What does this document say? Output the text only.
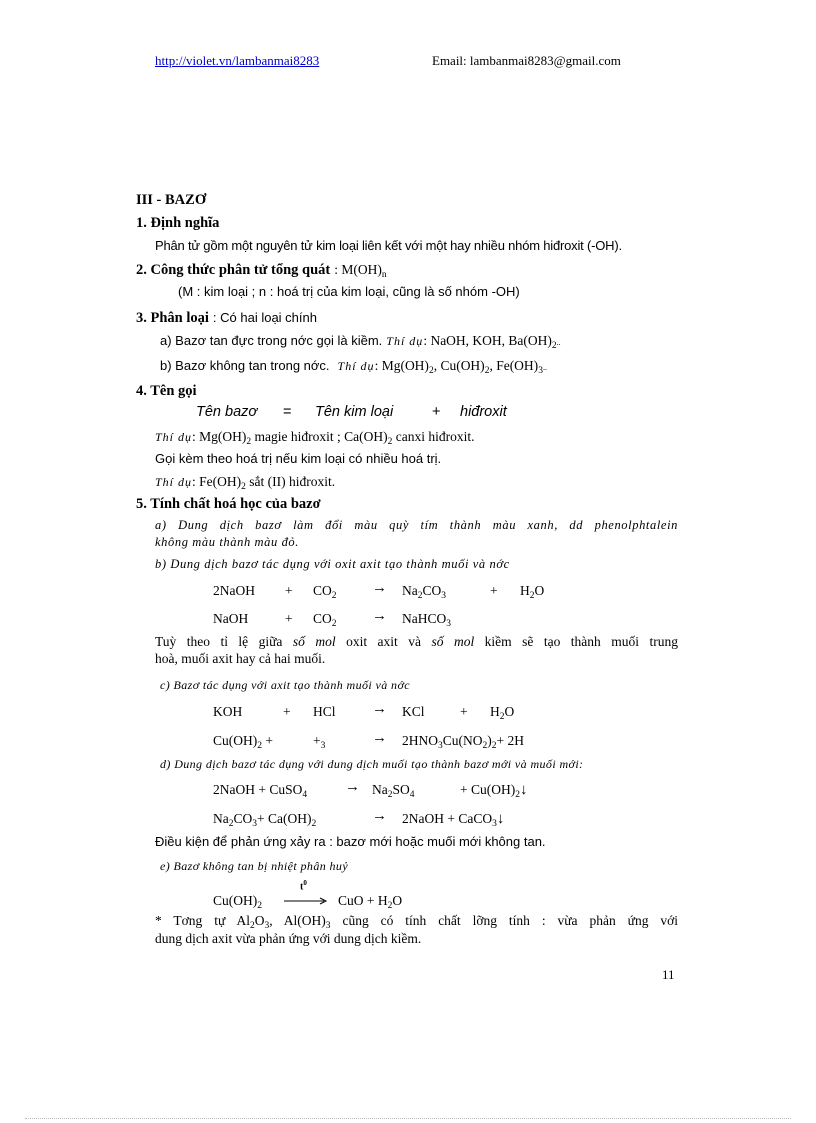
http://violet.vn/lambanmai8283	Email: lambanmai8283@gmail.com
III - BAZƠ
1. Định nghĩa
Phân tử gồm một nguyên tử kim loại liên kết với một hay nhiều nhóm hiđroxit (-OH).
2. Công thức phân tử tổng quát : $M(OH)_n$
(M : kim loại ; n : hoá trị của kim loại, cũng là số nhóm -OH)
3. Phân loại : Có hai loại chính
a) Bazơ tan đực trong nớc gọi là kiềm. Thí dụ: NaOH, KOH, $Ba(OH)_2$..
b) Bazơ không tan trong nớc. Thí dụ: $Mg(OH)_2$, $Cu(OH)_2$, $Fe(OH)_3$..
4. Tên gọi
Tên bazơ = Tên kim loại	+ hiđroxit
Thí dụ: $Mg(OH)_2$ magie hiđroxit ; $Ca(OH)_2$ canxi hiđroxit.
Gọi kèm theo hoá trị nếu kim loại có nhiều hoá trị.
Thí dụ: $Fe(OH)_2$ sắt (II) hiđroxit.
5. Tính chất hoá học của bazơ
a) Dung dịch bazơ làm đổi màu quỳ tím thành màu xanh, dd phenolphtalein
không màu thành màu đỏ.
b) Dung dịch bazơ tác dụng với oxit axit tạo thành muối và nớc
2NaOH + $CO_2 \to Na_2CO_3$	+ $H_2O$
NaOH	+ $CO_2$ → NaHCO$_3$
Tuỳ theo tỉ lệ giữa số mol oxit axit và số mol kiềm sẽ tạo thành muối trung
hoà, muối axit hay cả hai muối.
c) Bazơ tác dụng với axit tạo thành muối và nớc
KOH	+ HCl → KCl	+ $H_2O$
$Cu(OH)_2$ +	$+_3$	→ $2HNO_3Cu(NO_2)_2+ 2H$
d) Dung dịch bazơ tác dụng với dung dịch muối tạo thành bazơ mới và muối mới:
2NaOH + CuSO$_4$	→ $Na_2SO_4$	+ $Cu(OH)_2↓$
$Na_2CO_3+ Ca(OH)_2$	→ 2NaOH + CaCO$_3$↓
Điều kiện để phản ứng xảy ra : bazơ mới hoặc muối mới không tan.
e) Bazơ không tan bị nhiệt phân huỷ
$Cu(OH)_2$
$t^0$
CuO + $H_2O$
* Tơng tự $Al_2O_3$, $Al(OH)_3$ cũng có tính chất lỡng tính : vừa phản ứng với
dung dịch axit vừa phản ứng với dung dịch kiềm.
11
